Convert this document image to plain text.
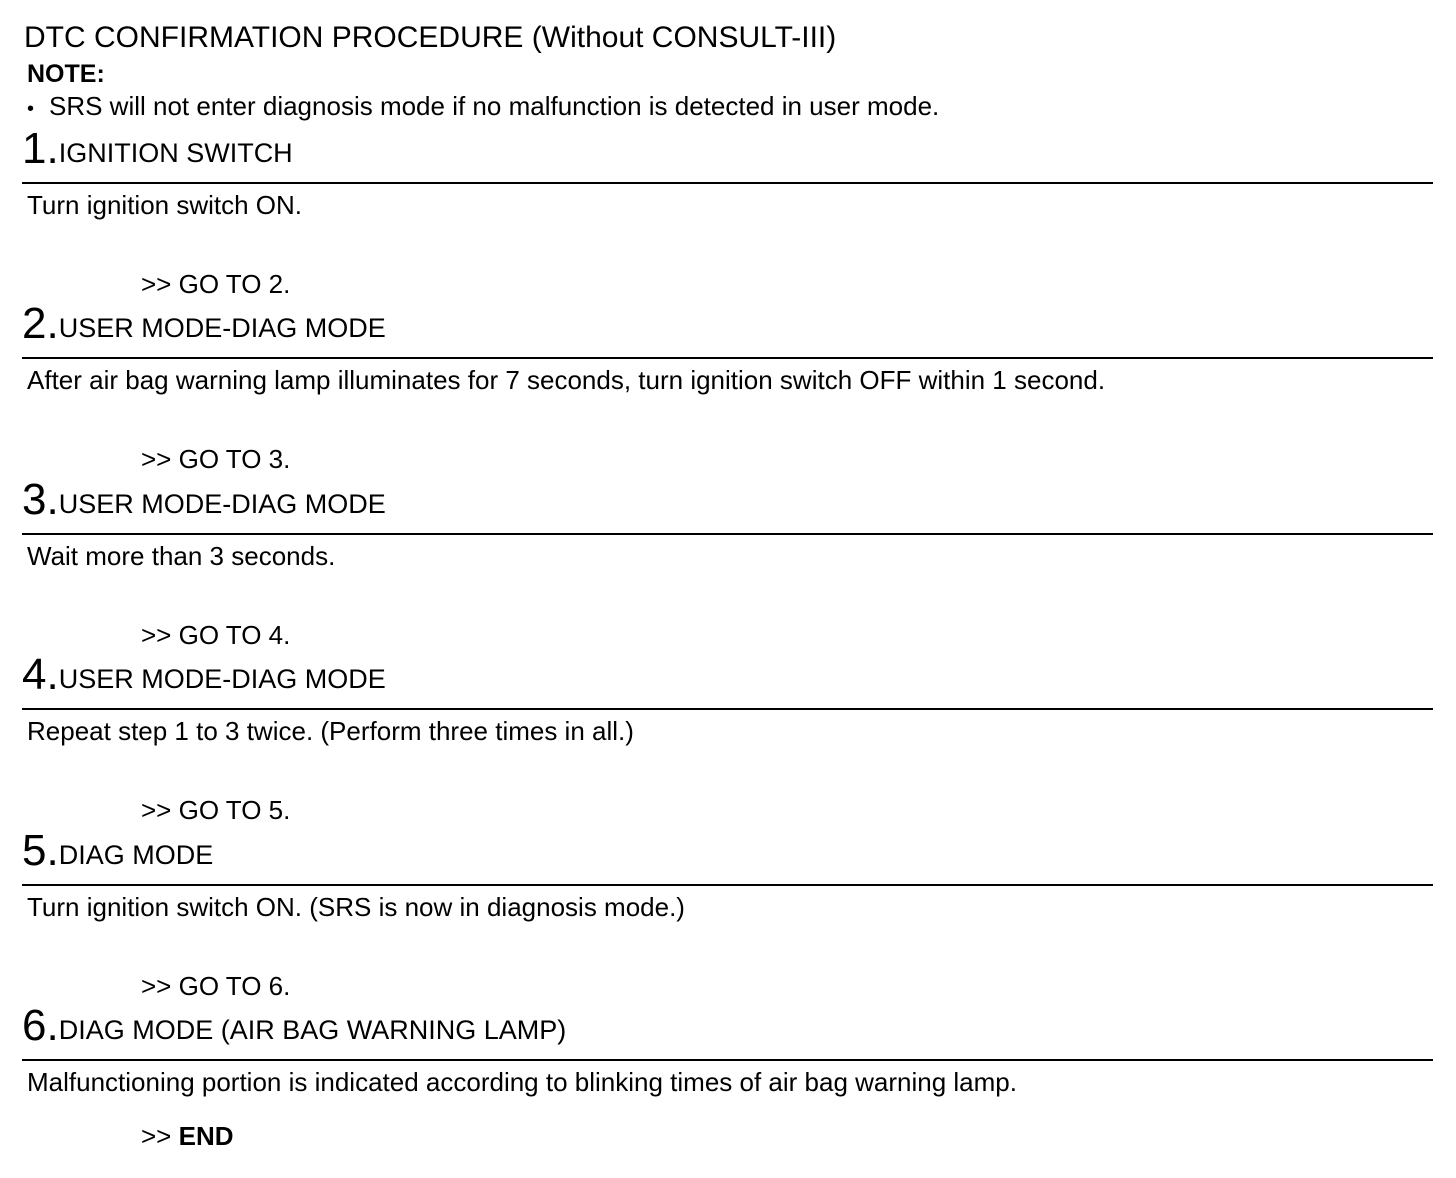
DTC CONFIRMATION PROCEDURE (Without CONSULT-III)
NOTE:
• SRS will not enter diagnosis mode if no malfunction is detected in user mode.
1.IGNITION SWITCH
Turn ignition switch ON.
>> GO TO 2.
2.USER MODE-DIAG MODE
After air bag warning lamp illuminates for 7 seconds, turn ignition switch OFF within 1 second.
>> GO TO 3.
3.USER MODE-DIAG MODE
Wait more than 3 seconds.
>> GO TO 4.
4.USER MODE-DIAG MODE
Repeat step 1 to 3 twice. (Perform three times in all.)
>> GO TO 5.
5.DIAG MODE
Turn ignition switch ON. (SRS is now in diagnosis mode.)
>> GO TO 6.
6.DIAG MODE (AIR BAG WARNING LAMP)
Malfunctioning portion is indicated according to blinking times of air bag warning lamp.
>> END
